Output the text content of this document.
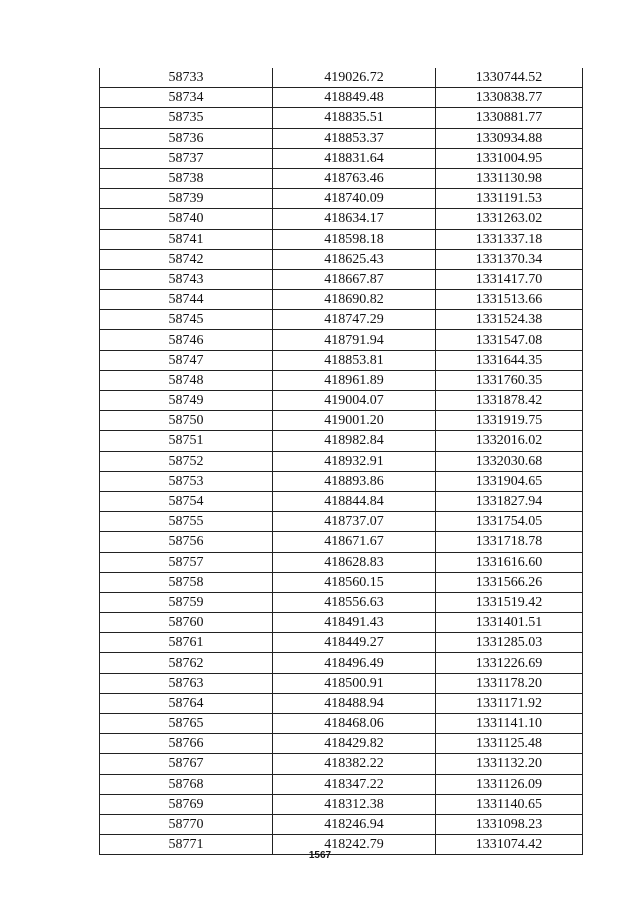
58733	419026.72	1330744.52
58734	418849.48	1330838.77
58735	418835.51	1330881.77
58736	418853.37	1330934.88
58737	418831.64	1331004.95
58738	418763.46	1331130.98
58739	418740.09	1331191.53
58740	418634.17	1331263.02
58741	418598.18	1331337.18
58742	418625.43	1331370.34
58743	418667.87	1331417.70
58744	418690.82	1331513.66
58745	418747.29	1331524.38
58746	418791.94	1331547.08
58747	418853.81	1331644.35
58748	418961.89	1331760.35
58749	419004.07	1331878.42
58750	419001.20	1331919.75
58751	418982.84	1332016.02
58752	418932.91	1332030.68
58753	418893.86	1331904.65
58754	418844.84	1331827.94
58755	418737.07	1331754.05
58756	418671.67	1331718.78
58757	418628.83	1331616.60
58758	418560.15	1331566.26
58759	418556.63	1331519.42
58760	418491.43	1331401.51
58761	418449.27	1331285.03
58762	418496.49	1331226.69
58763	418500.91	1331178.20
58764	418488.94	1331171.92
58765	418468.06	1331141.10
58766	418429.82	1331125.48
58767	418382.22	1331132.20
58768	418347.22	1331126.09
58769	418312.38	1331140.65
58770	418246.94	1331098.23
58771	418242.79	1331074.42
1567
